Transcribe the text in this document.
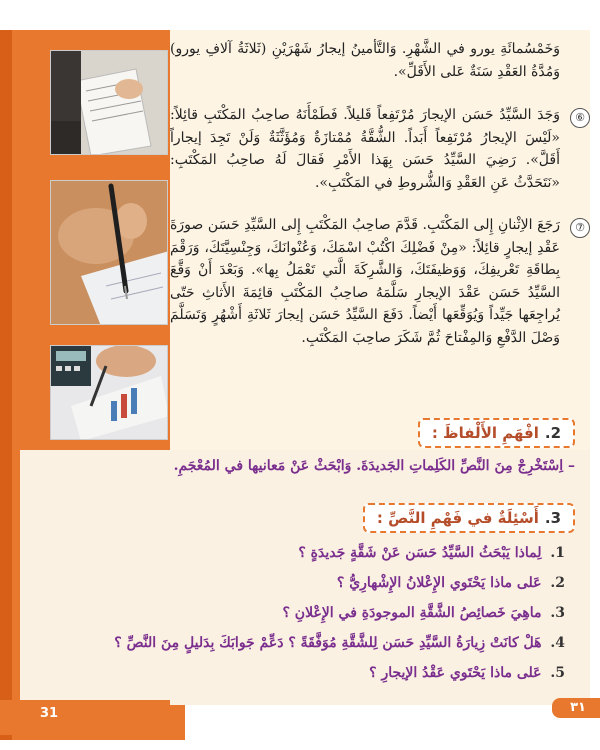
وَخَمْسُمائَةِ يورو في الشَّهْرِ. وَالتَّأمينُ إيجارُ شَهْرَيْنِ (ثَلاثَةُ آلافِ يورو) وَمُدَّةُ العَقْدِ سَنَةٌ عَلى الأَقَلِّ».
⑥
وَجَدَ السَّيِّدُ حَسَن الإيجارَ مُرْتَفِعاً قَليلاً. فَطَمْأَنَهُ صاحِبُ المَكْتَبِ قائِلاً: «لَيْسَ الإيجارُ مُرْتَفِعاً أَبَداً. الشُّقَّةُ مُمْتازَةٌ وَمُؤَثَّثَةٌ وَلَنْ تَجِدَ إيجاراً أَقَلَّ». رَضِيَ السَّيِّدُ حَسَن بِهَذا الأَمْرِ فَقالَ لَهُ صاحِبُ المَكْتَبِ: «نَتَحَدَّثُ عَنِ العَقْدِ وَالشُّروطِ في المَكْتَبِ».
⑦
رَجَعَ الاِثْنانِ إِلى المَكْتَبِ. قَدَّمَ صاحِبُ المَكْتَبِ إِلى السَّيِّدِ حَسَن صورَةَ عَقْدِ إيجارٍ قائِلاً: «مِنْ فَضْلِكَ اكْتُبْ اسْمَكَ، وَعُنْوانَكَ، وَجِنْسِيَّتَكَ، وَرَقْمَ بِطاقَةِ تَعْريفِكَ، وَوَظيفَتَكَ، وَالشَّرِكَةَ الَّتي تَعْمَلُ بِها». وَبَعْدَ أَنْ وَقَّعَ السَّيِّدُ حَسَن عَقْدَ الإيجارِ سَلَّمَهُ صاحِبُ المَكْتَبِ قائِمَةَ الأَثاثِ حَتّى يُراجِعَها جَيِّداً وَيُوَقِّعَها أَيْضاً. دَفَعَ السَّيِّدُ حَسَن إيجارَ ثَلاثَةِ أَشْهُرٍ وَتَسَلَّمَ وَصْلَ الدَّفْعِ وَالمِفْتاحَ ثُمَّ شَكَرَ صاحِبَ المَكْتَبِ.
2.
افْهَمِ الأَلْفاظَ :
– اِسْتَخْرِجْ مِنَ النَّصِّ الكَلِماتِ الجَديدَةَ. وَابْحَثْ عَنْ مَعانيها في المُعْجَمِ.
3.
أَسْئِلَةٌ في فَهْمِ النَّصِّ :
1. لِماذا يَبْحَثُ السَّيِّدُ حَسَن عَنْ شَقَّةٍ جَديدَةٍ ؟
2. عَلى ماذا يَحْتَوي الإِعْلانُ الإِشْهارِيُّ ؟
3. ماهِيَ خَصائِصُ الشَّقَّةِ الموجودَةِ في الإِعْلانِ ؟
4. هَلْ كانَتْ زِيارَةُ السَّيِّدِ حَسَن لِلشَّقَّةِ مُوَفَّقَةً ؟ دَعِّمْ جَوابَكَ بِدَليلٍ مِنَ النَّصِّ ؟
5. عَلى ماذا يَحْتَوي عَقْدُ الإيجارِ ؟
31	٣١
